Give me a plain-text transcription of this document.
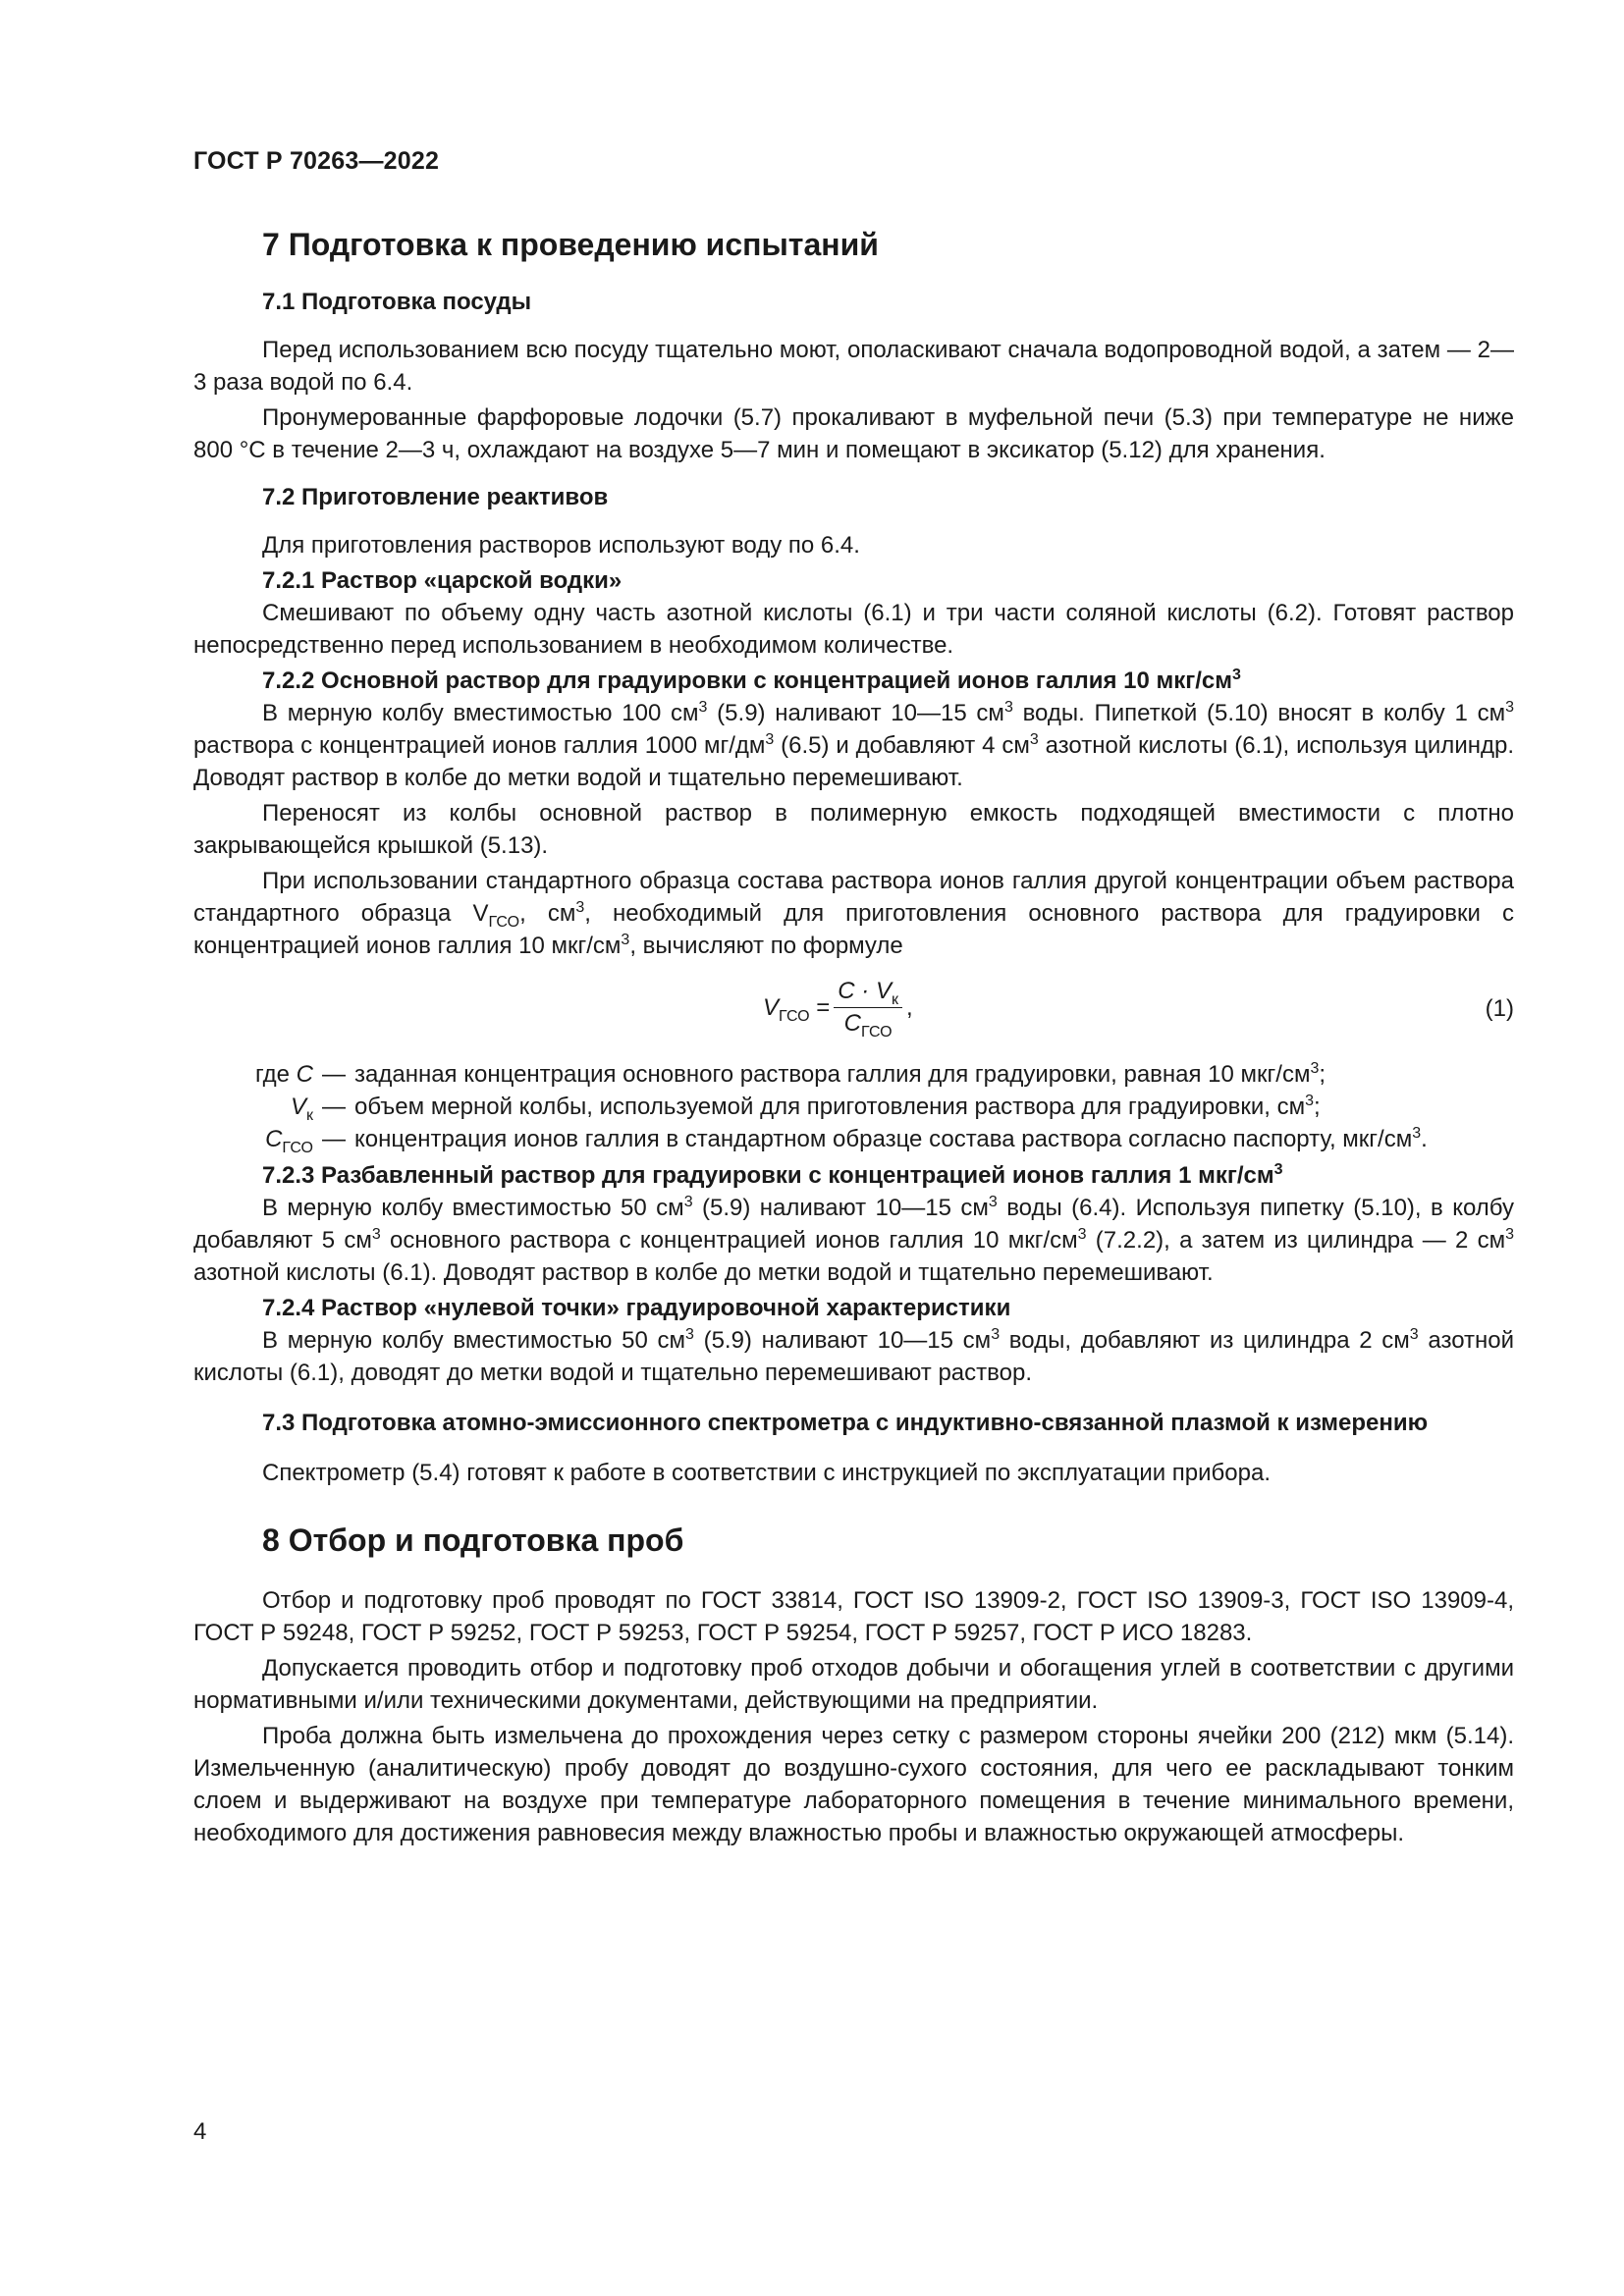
ГОСТ Р 70263—2022
7 Подготовка к проведению испытаний
7.1 Подготовка посуды

Перед использованием всю посуду тщательно моют, ополаскивают сначала водопроводной водой, а затем — 2—3 раза водой по 6.4.

Пронумерованные фарфоровые лодочки (5.7) прокаливают в муфельной печи (5.3) при температуре не ниже 800 °С в течение 2—3 ч, охлаждают на воздухе 5—7 мин и помещают в эксикатор (5.12) для хранения.

7.2 Приготовление реактивов

Для приготовления растворов используют воду по 6.4.

7.2.1 Раствор «царской водки»

Смешивают по объему одну часть азотной кислоты (6.1) и три части соляной кислоты (6.2). Готовят раствор непосредственно перед использованием в необходимом количестве.

7.2.2 Основной раствор для градуировки с концентрацией ионов галлия 10 мкг/$см^3$

В мерную колбу вместимостью 100 $см^3$ (5.9) наливают 10—15 $см^3$ воды. Пипеткой (5.10) вносят в колбу 1 $см^3$ раствора с концентрацией ионов галлия 1000 $мг/дм^3$ (6.5) и добавляют 4 $см^3$ азотной кислоты (6.1), используя цилиндр. Доводят раствор в колбе до метки водой и тщательно перемешивают.

Переносят из колбы основной раствор в полимерную емкость подходящей вместимости с плотно закрывающейся крышкой (5.13).

При использовании стандартного образца состава раствора ионов галлия другой концентрации объем раствора стандартного образца $V_{ГСО}$, $см^3$, необходимый для приготовления основного раствора для градуировки с концентрацией ионов галлия 10 мкг/$см^3$, вычисляют по формуле

$V_{ГСО} = \frac{C \cdot V_к}{C_{ГСО}}$ ,	(1)
где C — заданная концентрация основного раствора галлия для градуировки, равная 10 мкг/$см^3$;
$V_к$ — объем мерной колбы, используемой для приготовления раствора для градуировки, $см^3$;
$C_{ГСО}$ — концентрация ионов галлия в стандартном образце состава раствора согласно паспорту, мкг/$см^3$.
7.2.3 Разбавленный раствор для градуировки с концентрацией ионов галлия 1 мкг/$см^3$

В мерную колбу вместимостью 50 $см^3$ (5.9) наливают 10—15 $см^3$ воды (6.4). Используя пипетку (5.10), в колбу добавляют 5 $см^3$ основного раствора с концентрацией ионов галлия 10 мкг/$см^3$ (7.2.2), а затем из цилиндра — 2 $см^3$ азотной кислоты (6.1). Доводят раствор в колбе до метки водой и тщательно перемешивают.

7.2.4 Раствор «нулевой точки» градуировочной характеристики

В мерную колбу вместимостью 50 $см^3$ (5.9) наливают 10—15 $см^3$ воды, добавляют из цилиндра 2 $см^3$ азотной кислоты (6.1), доводят до метки водой и тщательно перемешивают раствор.

7.3 Подготовка атомно-эмиссионного спектрометра с индуктивно-связанной плазмой к измерению

Спектрометр (5.4) готовят к работе в соответствии с инструкцией по эксплуатации прибора.

8 Отбор и подготовка проб

Отбор и подготовку проб проводят по ГОСТ 33814, ГОСТ ISO 13909-2, ГОСТ ISO 13909-3, ГОСТ ISO 13909-4, ГОСТ Р 59248, ГОСТ Р 59252, ГОСТ Р 59253, ГОСТ Р 59254, ГОСТ Р 59257, ГОСТ Р ИСО 18283.

Допускается проводить отбор и подготовку проб отходов добычи и обогащения углей в соответствии с другими нормативными и/или техническими документами, действующими на предприятии.

Проба должна быть измельчена до прохождения через сетку с размером стороны ячейки 200 (212) мкм (5.14). Измельченную (аналитическую) пробу доводят до воздушно-сухого состояния, для чего ее раскладывают тонким слоем и выдерживают на воздухе при температуре лабораторного помещения в течение минимального времени, необходимого для достижения равновесия между влажностью пробы и влажностью окружающей атмосферы.

4
